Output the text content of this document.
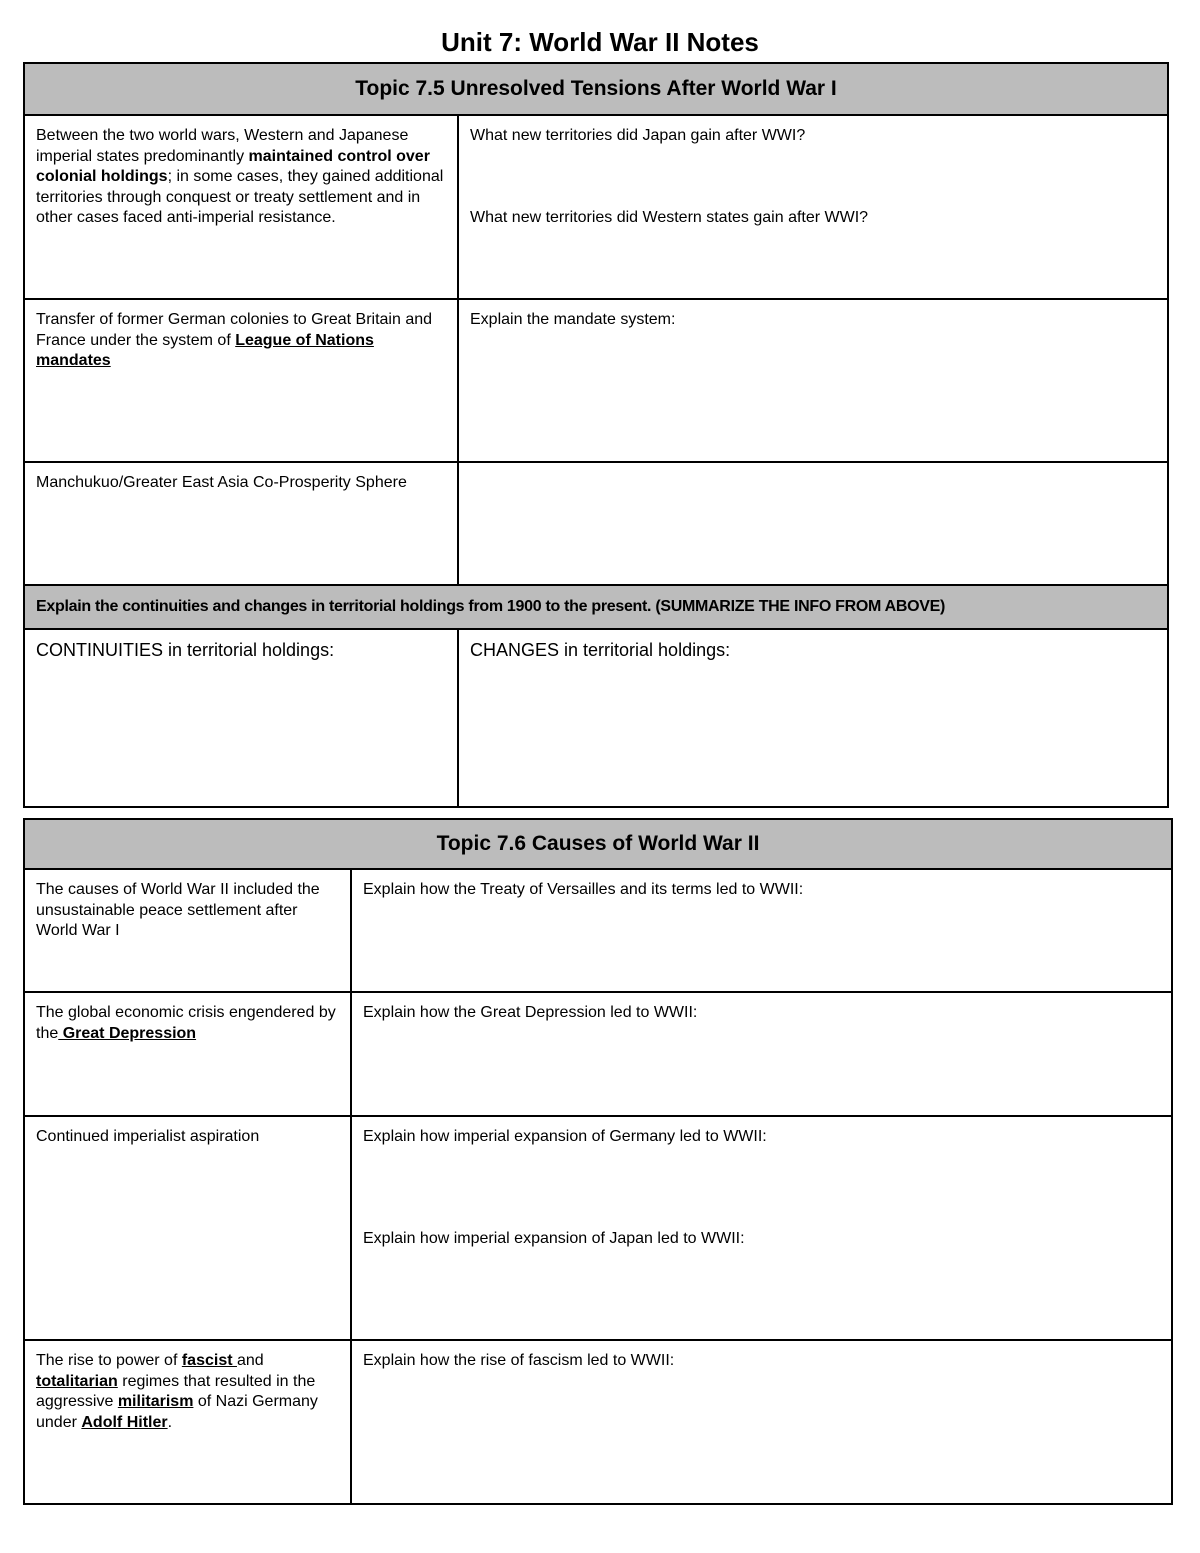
Unit 7: World War II Notes
Topic 7.5 Unresolved Tensions After World War I
Between the two world wars, Western and Japanese imperial states predominantly maintained control over colonial holdings; in some cases, they gained additional territories through conquest or treaty settlement and in other cases faced anti-imperial resistance.
What new territories did Japan gain after WWI?
What new territories did Western states gain after WWI?
Transfer of former German colonies to Great Britain and France under the system of League of Nations mandates
Explain the mandate system:
Manchukuo/Greater East Asia Co-Prosperity Sphere
Explain the continuities and changes in territorial holdings from 1900 to the present. (SUMMARIZE THE INFO FROM ABOVE)
CONTINUITIES in territorial holdings:	CHANGES in territorial holdings:
Topic 7.6 Causes of World War II
The causes of World War II included the unsustainable peace settlement after World War I
Explain how the Treaty of Versailles and its terms led to WWII:
The global economic crisis engendered by the Great Depression
Explain how the Great Depression led to WWII:
Continued imperialist aspiration	Explain how imperial expansion of Germany led to WWII:
Explain how imperial expansion of Japan led to WWII:
The rise to power of fascist and totalitarian regimes that resulted in the aggressive militarism of Nazi Germany under Adolf Hitler.
Explain how the rise of fascism led to WWII:
